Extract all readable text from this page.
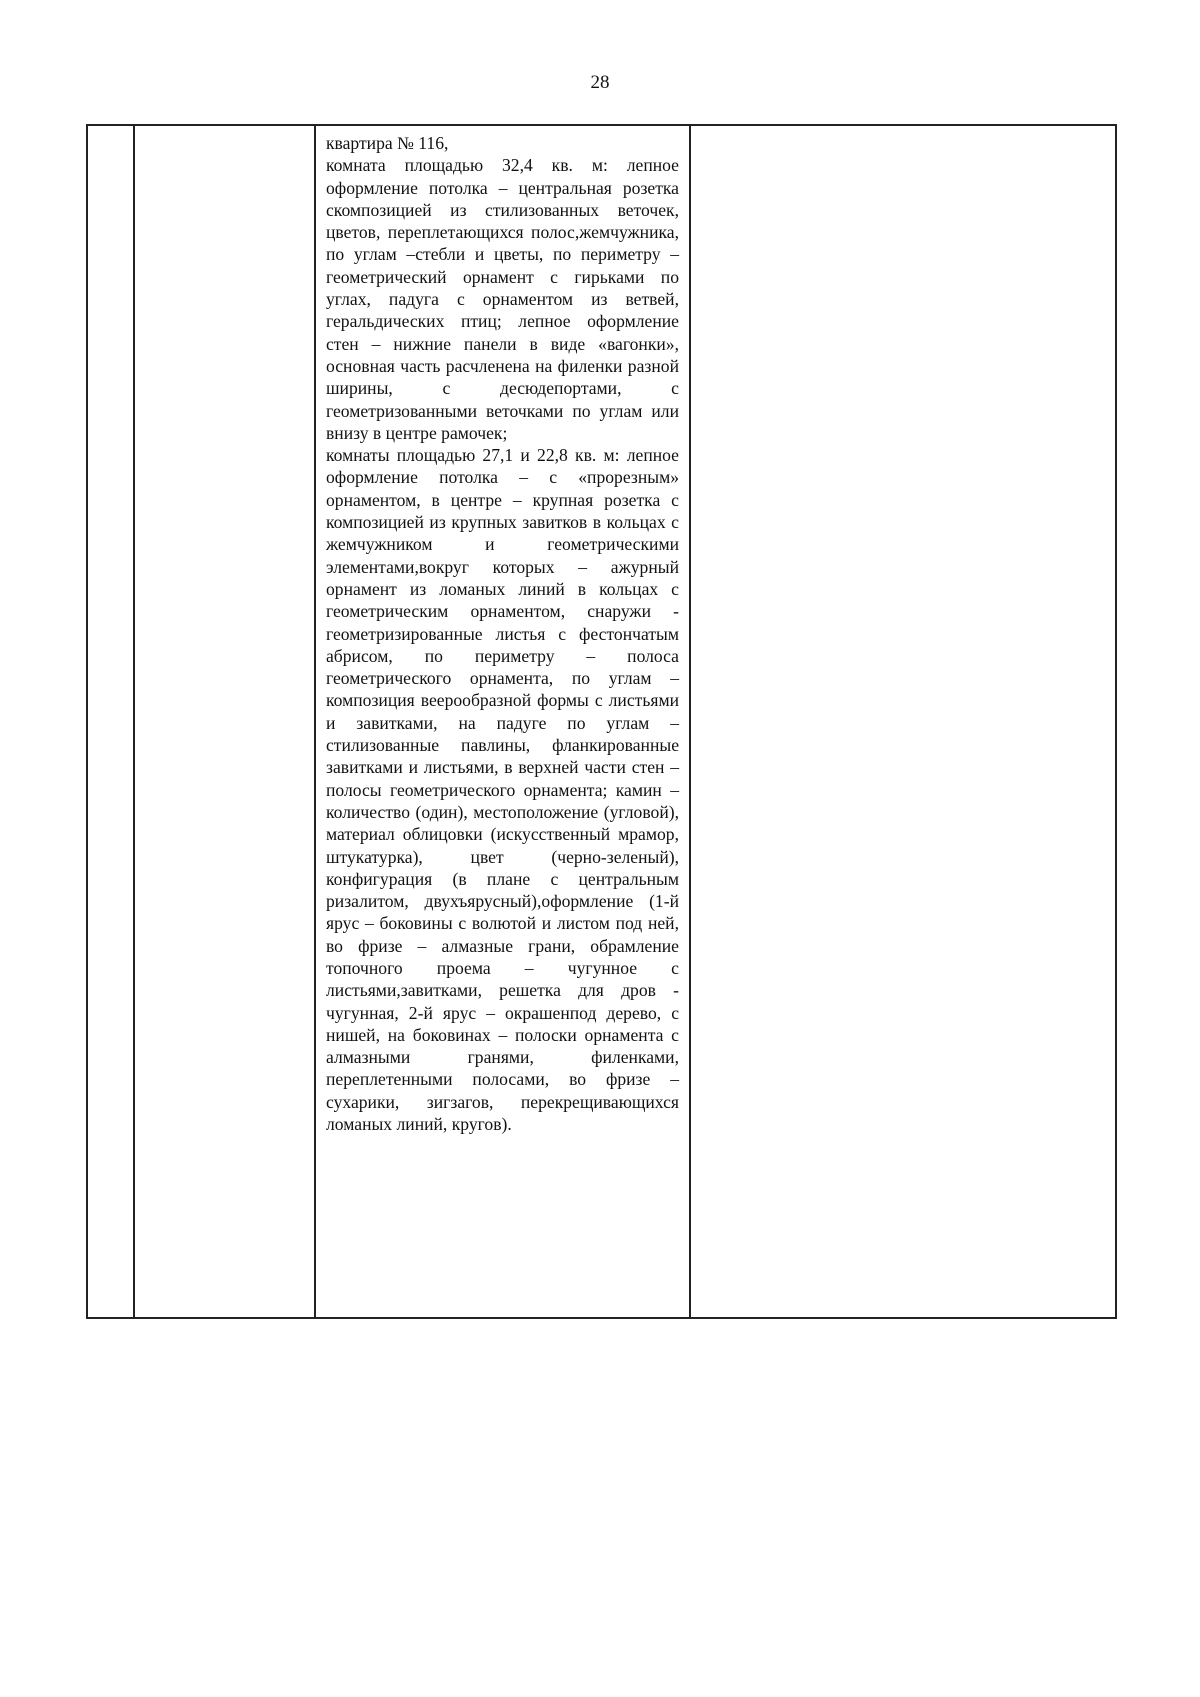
28

квартира № 116,

комната площадью 32,4 кв. м: лепное оформление потолка – центральная розетка скомпозицией из стилизованных веточек, цветов, переплетающихся полос,жемчужника, по углам –стебли и цветы, по периметру – геометрический орнамент с гирьками по углах, падуга с орнаментом из ветвей, геральдических птиц; лепное оформление стен – нижние панели в виде «вагонки», основная часть расчленена на филенки разной ширины, с десюдепортами, с геометризованными веточками по углам или внизу в центре рамочек;

комнаты площадью 27,1 и 22,8 кв. м: лепное оформление потолка – с «прорезным» орнаментом, в центре – крупная розетка с композицией из крупных завитков в кольцах с жемчужником и геометрическими элементами,вокруг которых – ажурный орнамент из ломаных линий в кольцах с геометрическим орнаментом, снаружи - геометризированные листья с фестончатым абрисом, по периметру – полоса геометрического орнамента, по углам – композиция веерообразной формы с листьями и завитками, на падуге по углам – стилизованные павлины, фланкированные завитками и листьями, в верхней части стен – полосы геометрического орнамента; камин – количество (один), местоположение (угловой), материал облицовки (искусственный мрамор, штукатурка), цвет (черно-зеленый), конфигурация (в плане с центральным ризалитом, двухъярусный),оформление (1-й ярус – боковины с волютой и листом под ней, во фризе – алмазные грани, обрамление топочного проема – чугунное с листьями,завитками, решетка для дров - чугунная, 2-й ярус – окрашенпод дерево, с нишей, на боковинах – полоски орнамента с алмазными гранями, филенками, переплетенными полосами, во фризе – сухарики, зигзагов, перекрещивающихся ломаных линий, кругов).
